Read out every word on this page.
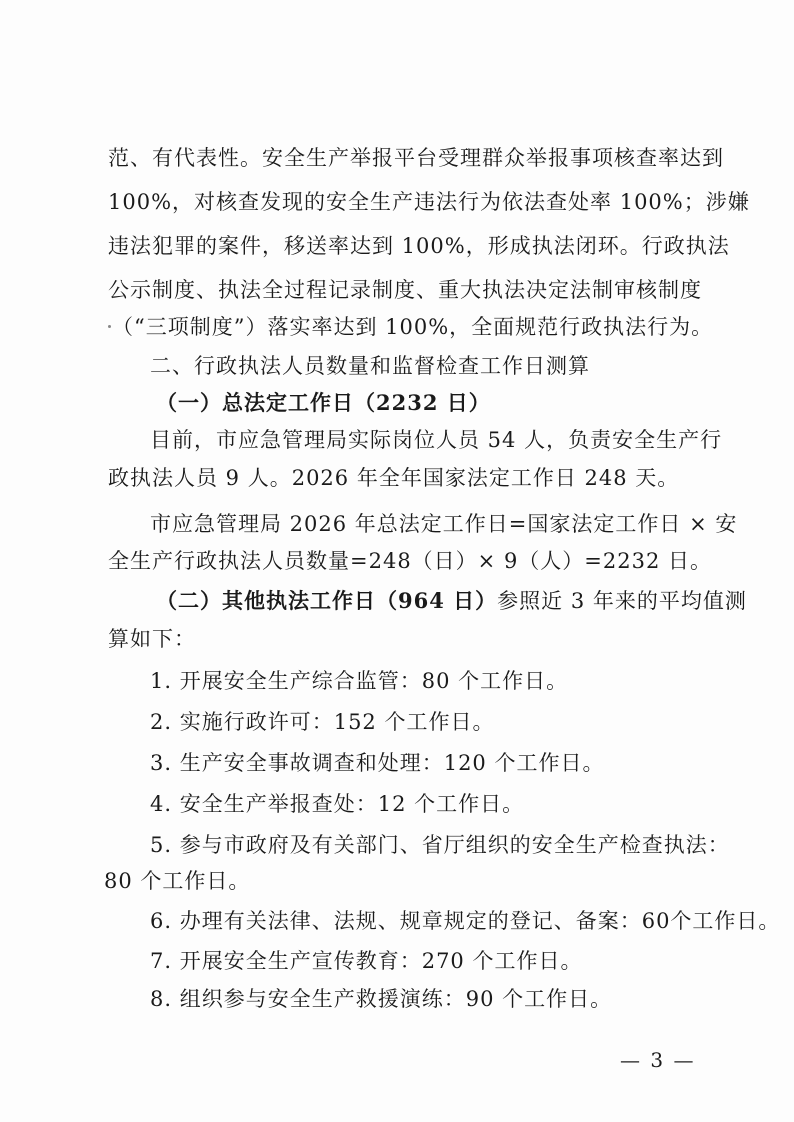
范、有代表性。安全生产举报平台受理群众举报事项核查率达到
100%，对核查发现的安全生产违法行为依法查处率 100%；涉嫌
违法犯罪的案件，移送率达到 100%，形成执法闭环。行政执法
公示制度、执法全过程记录制度、重大执法决定法制审核制度
（“三项制度”）落实率达到 100%，全面规范行政执法行为。
二、行政执法人员数量和监督检查工作日测算
（一）总法定工作日（2232 日）
目前，市应急管理局实际岗位人员 54 人，负责安全生产行
政执法人员 9 人。2026 年全年国家法定工作日 248 天。
市应急管理局 2026 年总法定工作日=国家法定工作日 × 安
全生产行政执法人员数量=248（日）× 9（人）=2232 日。
（二）其他执法工作日（964 日）参照近 3 年来的平均值测
算如下：
1. 开展安全生产综合监管：80 个工作日。
2. 实施行政许可：152 个工作日。
3. 生产安全事故调查和处理：120 个工作日。
4. 安全生产举报查处：12 个工作日。
5. 参与市政府及有关部门、省厅组织的安全生产检查执法：
80 个工作日。
6. 办理有关法律、法规、规章规定的登记、备案：60个工作日。
7. 开展安全生产宣传教育：270 个工作日。
8. 组织参与安全生产救援演练：90 个工作日。
— 3 —
